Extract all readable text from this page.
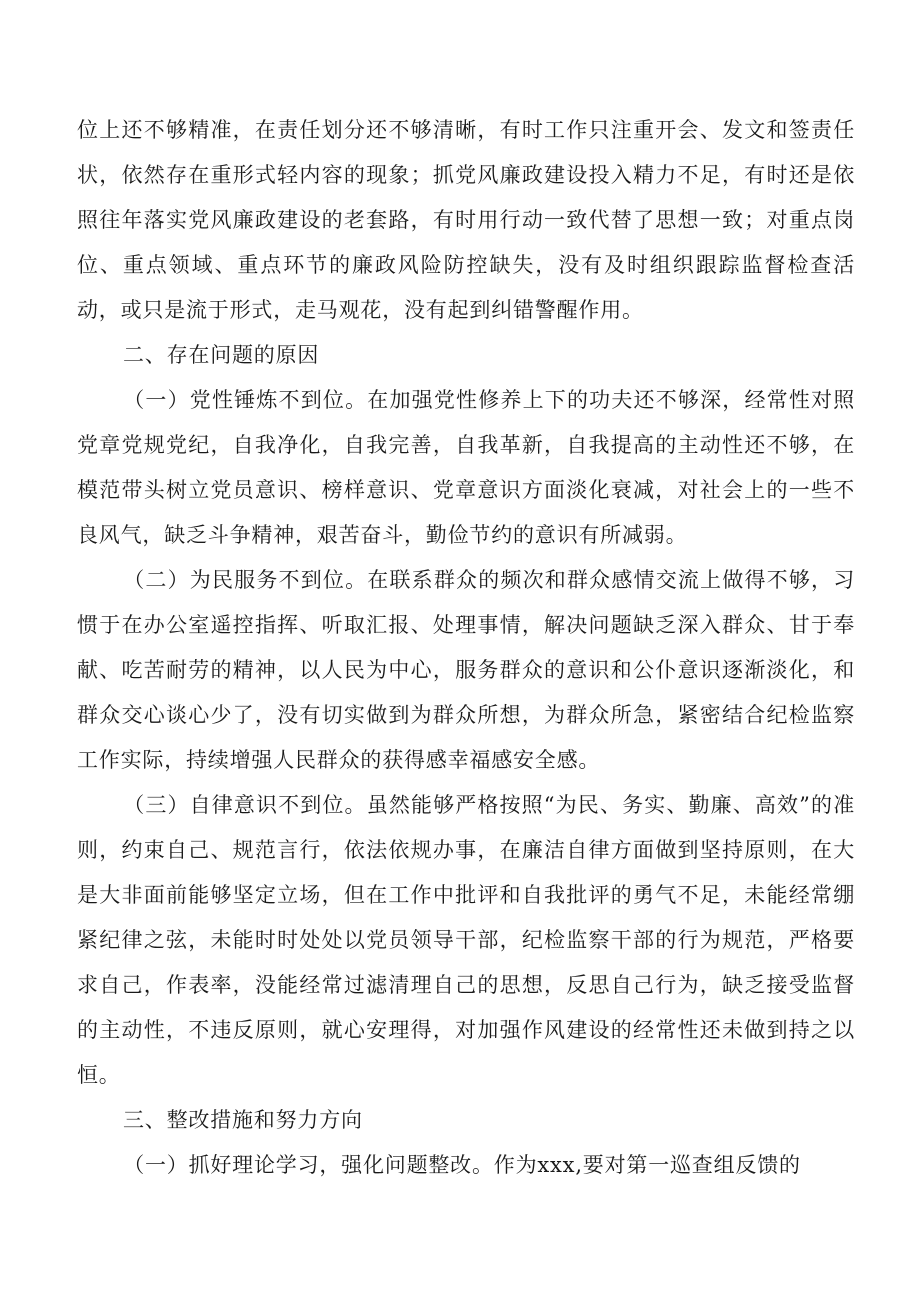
位上还不够精准，在责任划分还不够清晰，有时工作只注重开会、发文和签责任状，依然存在重形式轻内容的现象；抓党风廉政建设投入精力不足，有时还是依照往年落实党风廉政建设的老套路，有时用行动一致代替了思想一致；对重点岗位、重点领域、重点环节的廉政风险防控缺失，没有及时组织跟踪监督检查活动，或只是流于形式，走马观花，没有起到纠错警醒作用。

二、存在问题的原因

（一）党性锤炼不到位。在加强党性修养上下的功夫还不够深，经常性对照党章党规党纪，自我净化，自我完善，自我革新，自我提高的主动性还不够，在模范带头树立党员意识、榜样意识、党章意识方面淡化衰减，对社会上的一些不良风气，缺乏斗争精神，艰苦奋斗，勤俭节约的意识有所减弱。

（二）为民服务不到位。在联系群众的频次和群众感情交流上做得不够，习惯于在办公室遥控指挥、听取汇报、处理事情，解决问题缺乏深入群众、甘于奉献、吃苦耐劳的精神，以人民为中心，服务群众的意识和公仆意识逐渐淡化，和群众交心谈心少了，没有切实做到为群众所想，为群众所急，紧密结合纪检监察工作实际，持续增强人民群众的获得感幸福感安全感。

（三）自律意识不到位。虽然能够严格按照“为民、务实、勤廉、高效”的准则，约束自己、规范言行，依法依规办事，在廉洁自律方面做到坚持原则，在大是大非面前能够坚定立场，但在工作中批评和自我批评的勇气不足，未能经常绷紧纪律之弦，未能时时处处以党员领导干部，纪检监察干部的行为规范，严格要求自己，作表率，没能经常过滤清理自己的思想，反思自己行为，缺乏接受监督的主动性，不违反原则，就心安理得，对加强作风建设的经常性还未做到持之以恒。

三、整改措施和努力方向

（一）抓好理论学习，强化问题整改。作为xxx,要对第一巡查组反馈的
